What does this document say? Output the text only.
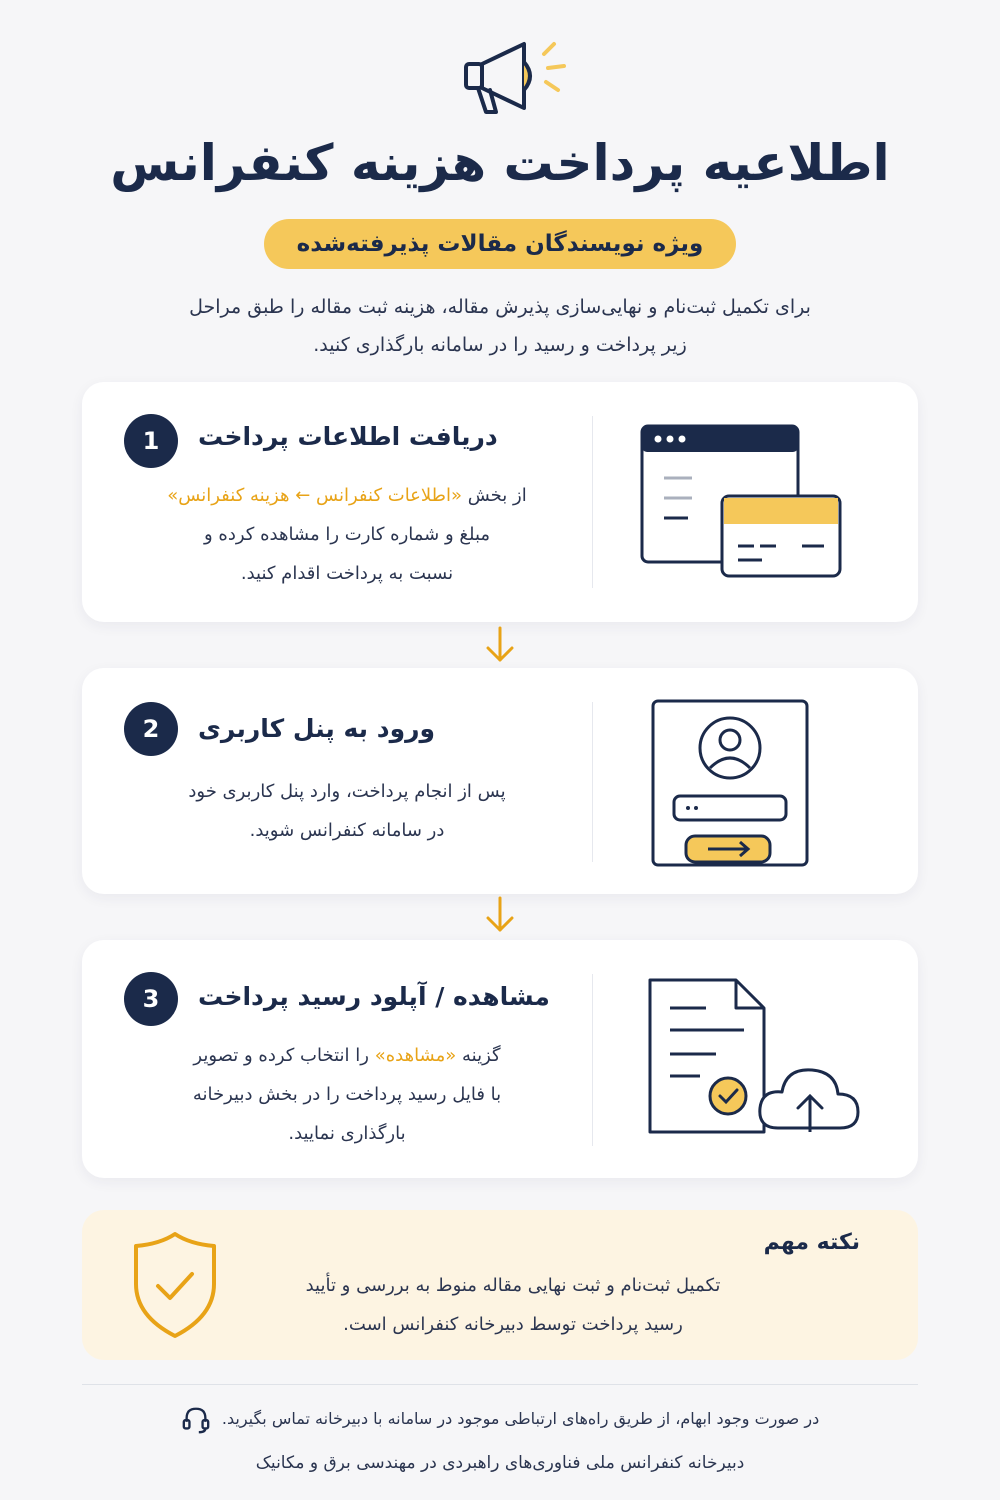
اطلاعیه پرداخت هزینه کنفرانس
ویژه نویسندگان مقالات پذیرفته‌شده
برای تکمیل ثبت‌نام و نهایی‌سازی پذیرش مقاله، هزینه ثبت مقاله را طبق مراحل
زیر پرداخت و رسید را در سامانه بارگذاری کنید.
1	دریافت اطلاعات پرداخت
از بخش «اطلاعات کنفرانس ← هزینه کنفرانس»
مبلغ و شماره کارت را مشاهده کرده و
نسبت به پرداخت اقدام کنید.
2	ورود به پنل کاربری
پس از انجام پرداخت، وارد پنل کاربری خود
در سامانه کنفرانس شوید.
3	مشاهده / آپلود رسید پرداخت
گزینه «مشاهده» را انتخاب کرده و تصویر
با فایل رسید پرداخت را در بخش دبیرخانه
بارگذاری نمایید.
نکته مهم
تکمیل ثبت‌نام و ثبت نهایی مقاله منوط به بررسی و تأیید
رسید پرداخت توسط دبیرخانه کنفرانس است.
در صورت وجود ابهام، از طریق راه‌های ارتباطی موجود در سامانه با دبیرخانه تماس بگیرید.
دبیرخانه کنفرانس ملی فناوری‌های راهبردی در مهندسی برق و مکانیک
